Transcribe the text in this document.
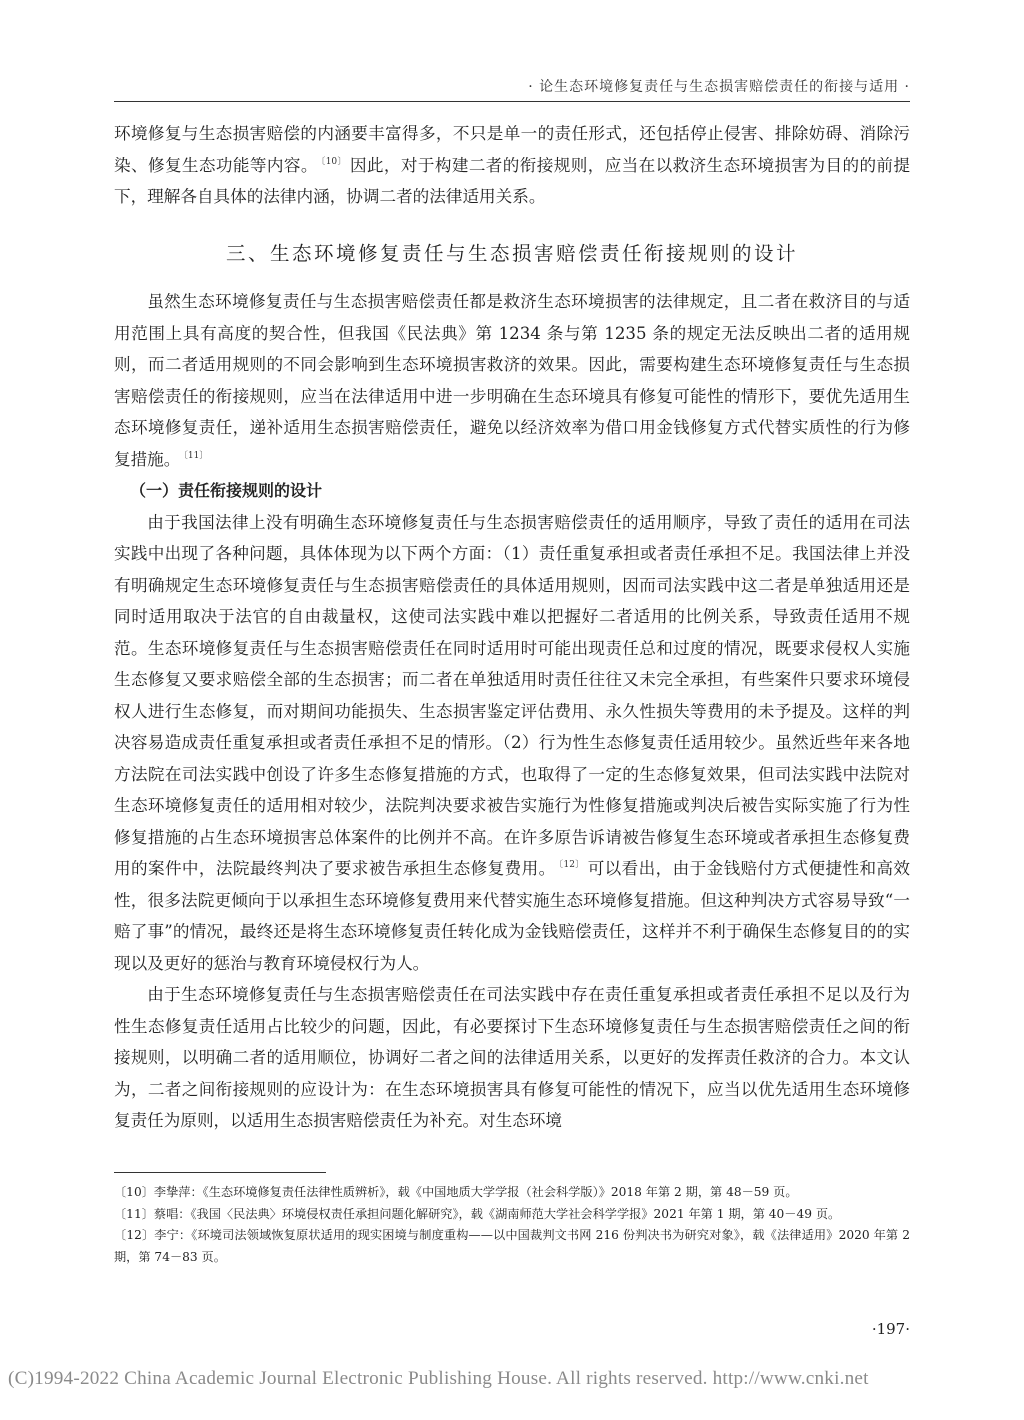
· 论生态环境修复责任与生态损害赔偿责任的衔接与适用 ·

环境修复与生态损害赔偿的内涵要丰富得多，不只是单一的责任形式，还包括停止侵害、排除妨碍、消除污染、修复生态功能等内容。 $^{〔10〕}$ 因此，对于构建二者的衔接规则，应当在以救济生态环境损害为目的的前提下，理解各自具体的法律内涵，协调二者的法律适用关系。

三、生态环境修复责任与生态损害赔偿责任衔接规则的设计

虽然生态环境修复责任与生态损害赔偿责任都是救济生态环境损害的法律规定，且二者在救济目的与适用范围上具有高度的契合性，但我国《民法典》第 1234 条与第 1235 条的规定无法反映出二者的适用规则，而二者适用规则的不同会影响到生态环境损害救济的效果。因此，需要构建生态环境修复责任与生态损害赔偿责任的衔接规则，应当在法律适用中进一步明确在生态环境具有修复可能性的情形下，要优先适用生态环境修复责任，递补适用生态损害赔偿责任，避免以经济效率为借口用金钱修复方式代替实质性的行为修复措施。 $^{〔11〕}$

（一）责任衔接规则的设计

由于我国法律上没有明确生态环境修复责任与生态损害赔偿责任的适用顺序，导致了责任的适用在司法实践中出现了各种问题，具体体现为以下两个方面：（1）责任重复承担或者责任承担不足。我国法律上并没有明确规定生态环境修复责任与生态损害赔偿责任的具体适用规则，因而司法实践中这二者是单独适用还是同时适用取决于法官的自由裁量权，这使司法实践中难以把握好二者适用的比例关系，导致责任适用不规范。生态环境修复责任与生态损害赔偿责任在同时适用时可能出现责任总和过度的情况，既要求侵权人实施生态修复又要求赔偿全部的生态损害；而二者在单独适用时责任往往又未完全承担，有些案件只要求环境侵权人进行生态修复，而对期间功能损失、生态损害鉴定评估费用、永久性损失等费用的未予提及。这样的判决容易造成责任重复承担或者责任承担不足的情形。（2）行为性生态修复责任适用较少。虽然近些年来各地方法院在司法实践中创设了许多生态修复措施的方式，也取得了一定的生态修复效果，但司法实践中法院对生态环境修复责任的适用相对较少，法院判决要求被告实施行为性修复措施或判决后被告实际实施了行为性修复措施的占生态环境损害总体案件的比例并不高。在许多原告诉请被告修复生态环境或者承担生态修复费用的案件中，法院最终判决了要求被告承担生态修复费用。 $^{〔12〕}$ 可以看出，由于金钱赔付方式便捷性和高效性，很多法院更倾向于以承担生态环境修复费用来代替实施生态环境修复措施。但这种判决方式容易导致“一赔了事”的情况，最终还是将生态环境修复责任转化成为金钱赔偿责任，这样并不利于确保生态修复目的的实现以及更好的惩治与教育环境侵权行为人。

由于生态环境修复责任与生态损害赔偿责任在司法实践中存在责任重复承担或者责任承担不足以及行为性生态修复责任适用占比较少的问题，因此，有必要探讨下生态环境修复责任与生态损害赔偿责任之间的衔接规则，以明确二者的适用顺位，协调好二者之间的法律适用关系，以更好的发挥责任救济的合力。本文认为，二者之间衔接规则的应设计为：在生态环境损害具有修复可能性的情况下，应当以优先适用生态环境修复责任为原则，以适用生态损害赔偿责任为补充。对生态环境

〔10〕李挚萍：《生态环境修复责任法律性质辨析》，载《中国地质大学学报（社会科学版）》2018 年第 2 期，第 48－59 页。

〔11〕蔡唱：《我国〈民法典〉环境侵权责任承担问题化解研究》，载《湖南师范大学社会科学学报》2021 年第 1 期，第 40－49 页。

〔12〕李宁：《环境司法领域恢复原状适用的现实困境与制度重构——以中国裁判文书网 216 份判决书为研究对象》，载《法律适用》2020 年第 2 期，第 74－83 页。

·197·
(C)1994-2022 China Academic Journal Electronic Publishing House. All rights reserved. http://www.cnki.net
